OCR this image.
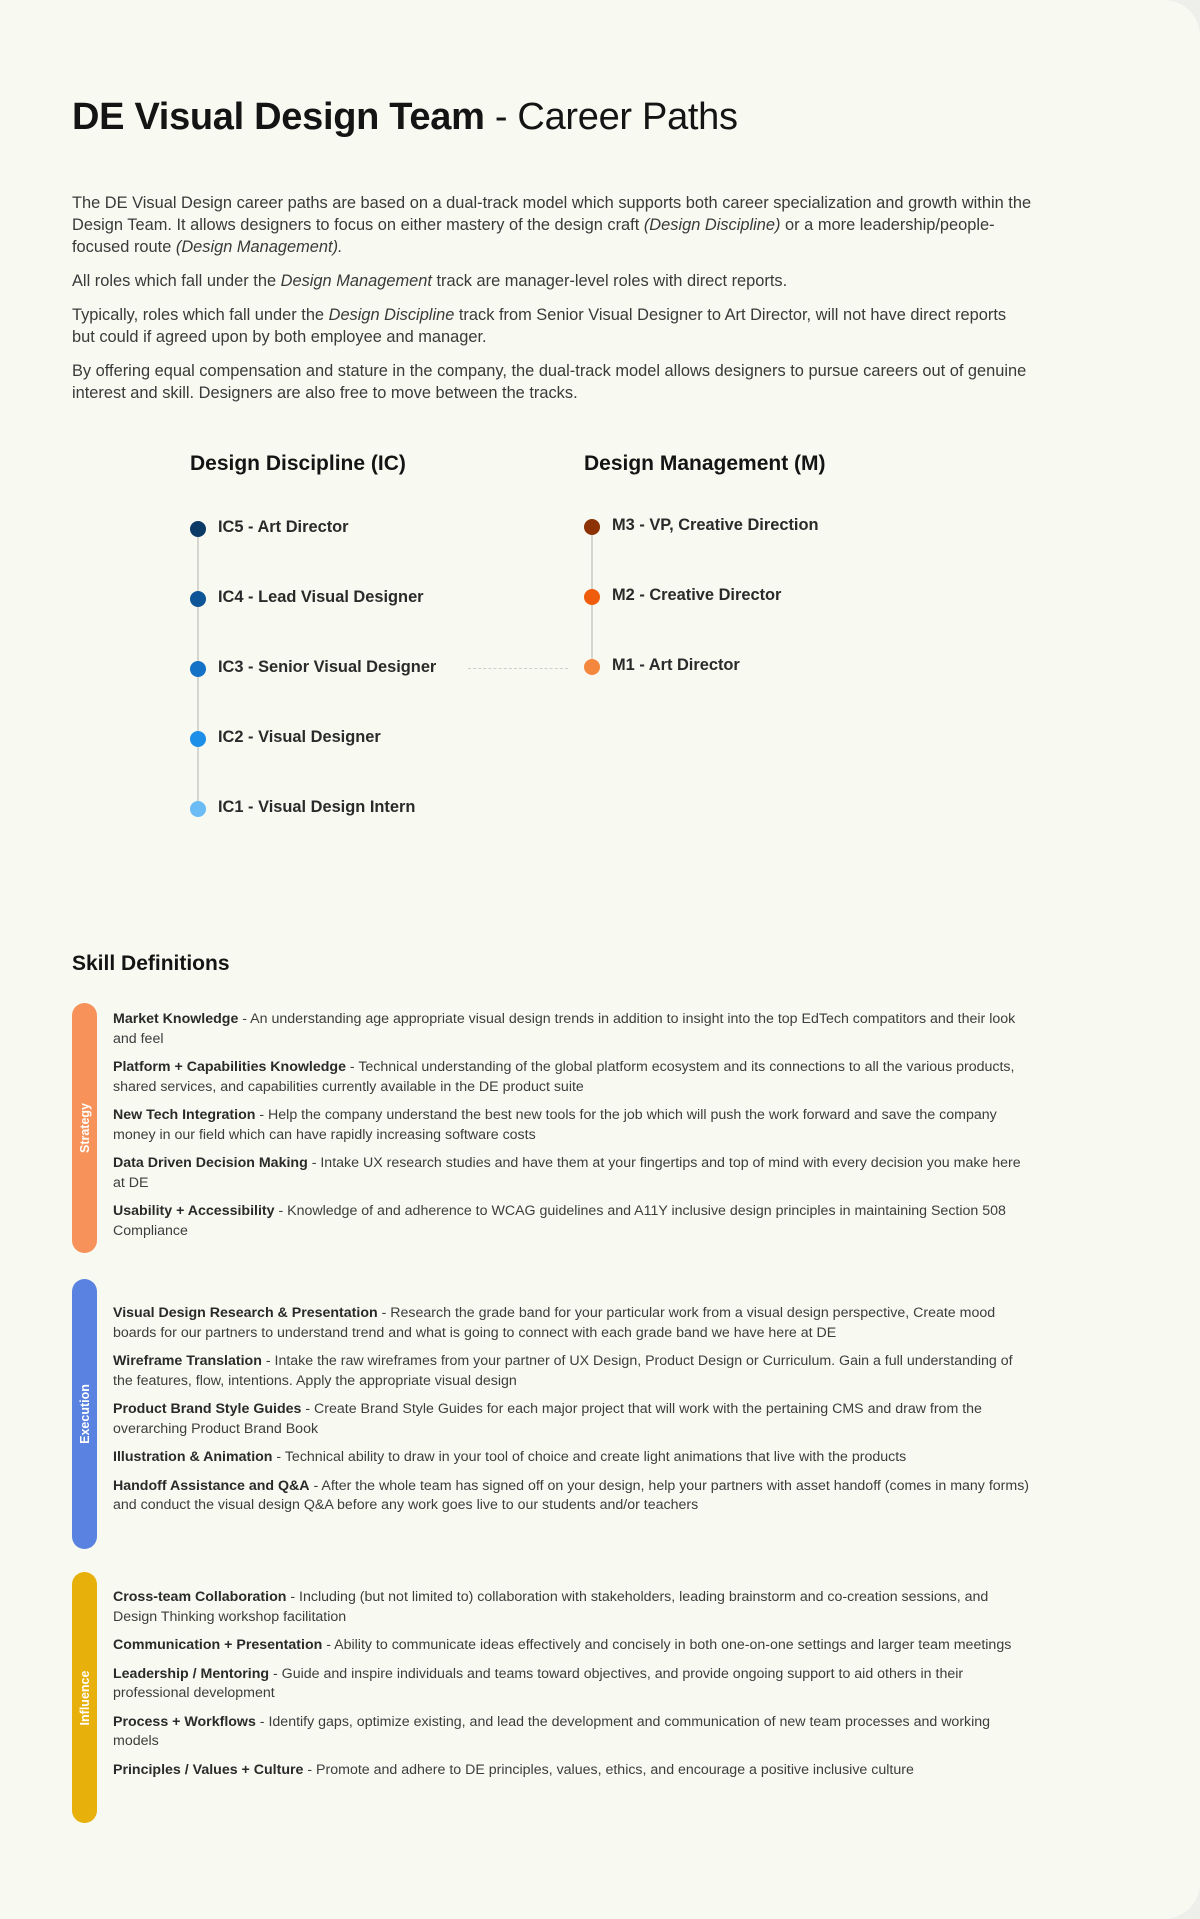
DE Visual Design Team - Career Paths

The DE Visual Design career paths are based on a dual-track model which supports both career specialization and growth within the Design Team. It allows designers to focus on either mastery of the design craft (Design Discipline) or a more leadership/people-focused route (Design Management).

All roles which fall under the Design Management track are manager-level roles with direct reports.

Typically, roles which fall under the Design Discipline track from Senior Visual Designer to Art Director, will not have direct reports but could if agreed upon by both employee and manager.

By offering equal compensation and stature in the company, the dual-track model allows designers to pursue careers out of genuine interest and skill. Designers are also free to move between the tracks.

Design Discipline (IC)
IC5 - Art Director
IC4 - Lead Visual Designer
IC3 - Senior Visual Designer
IC2 - Visual Designer
IC1 - Visual Design Intern
Design Management (M)
M3 - VP, Creative Direction
M2 - Creative Director
M1 - Art Director
Skill Definitions
Strategy

Market Knowledge - An understanding age appropriate visual design trends in addition to insight into the top EdTech compatitors and their look and feel

Platform + Capabilities Knowledge - Technical understanding of the global platform ecosystem and its connections to all the various products, shared services, and capabilities currently available in the DE product suite

New Tech Integration - Help the company understand the best new tools for the job which will push the work forward and save the company money in our field which can have rapidly increasing software costs

Data Driven Decision Making - Intake UX research studies and have them at your fingertips and top of mind with every decision you make here at DE

Usability + Accessibility - Knowledge of and adherence to WCAG guidelines and A11Y inclusive design principles in maintaining Section 508 Compliance

Execution

Visual Design Research & Presentation - Research the grade band for your particular work from a visual design perspective, Create mood boards for our partners to understand trend and what is going to connect with each grade band we have here at DE

Wireframe Translation - Intake the raw wireframes from your partner of UX Design, Product Design or Curriculum. Gain a full understanding of the features, flow, intentions. Apply the appropriate visual design

Product Brand Style Guides - Create Brand Style Guides for each major project that will work with the pertaining CMS and draw from the overarching Product Brand Book

Illustration & Animation - Technical ability to draw in your tool of choice and create light animations that live with the products

Handoff Assistance and Q&A - After the whole team has signed off on your design, help your partners with asset handoff (comes in many forms) and conduct the visual design Q&A before any work goes live to our students and/or teachers

Influence

Cross-team Collaboration - Including (but not limited to) collaboration with stakeholders, leading brainstorm and co-creation sessions, and Design Thinking workshop facilitation

Communication + Presentation - Ability to communicate ideas effectively and concisely in both one-on-one settings and larger team meetings

Leadership / Mentoring - Guide and inspire individuals and teams toward objectives, and provide ongoing support to aid others in their professional development

Process + Workflows - Identify gaps, optimize existing, and lead the development and communication of new team processes and working models

Principles / Values + Culture - Promote and adhere to DE principles, values, ethics, and encourage a positive inclusive culture
